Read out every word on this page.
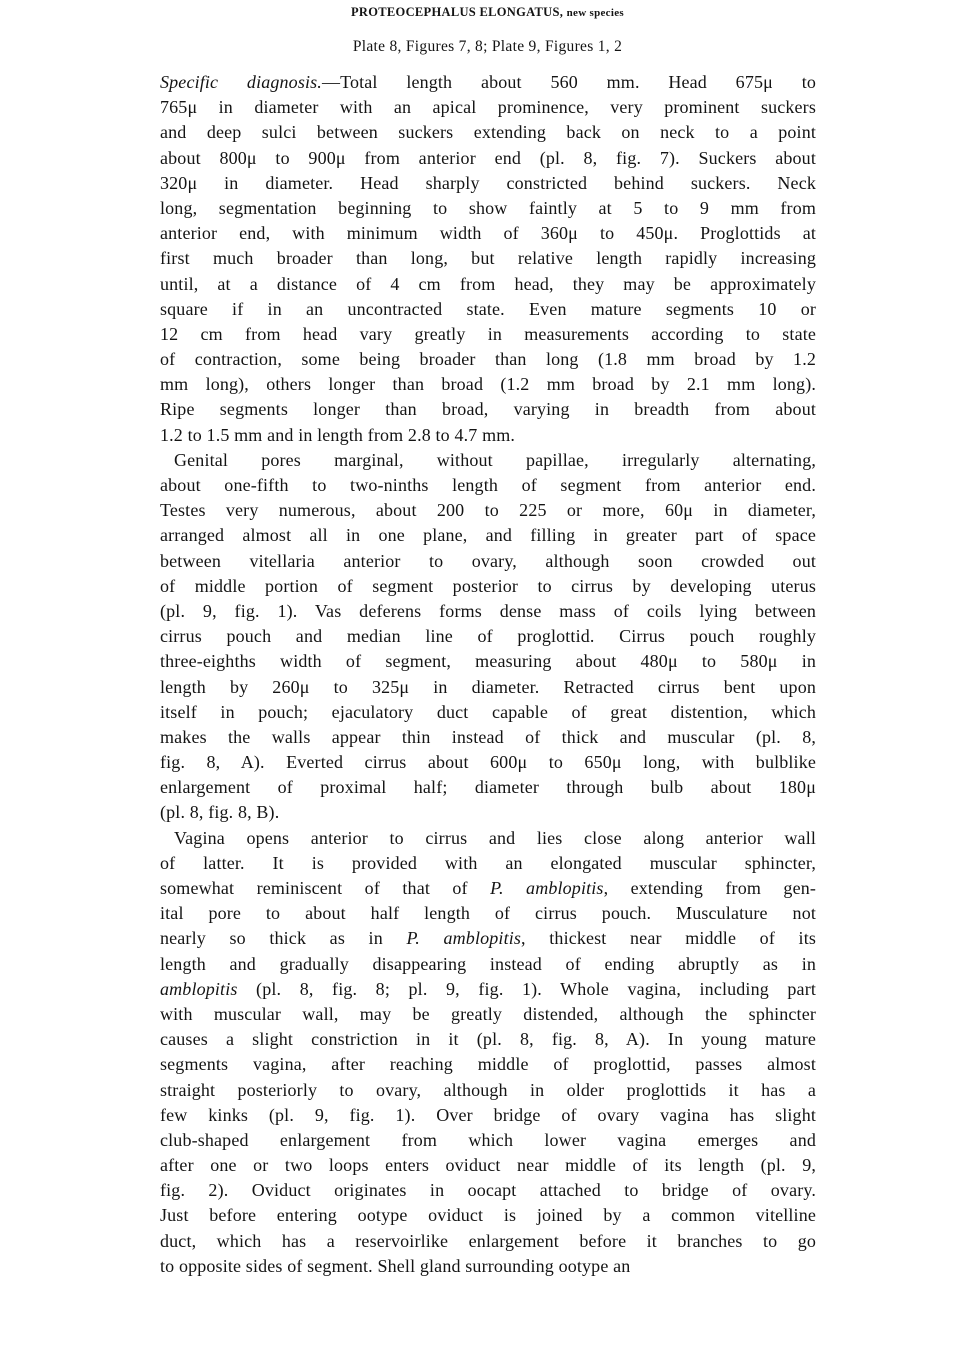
PROTEOCEPHALUS ELONGATUS, new species
Plate 8, Figures 7, 8; Plate 9, Figures 1, 2
Specific diagnosis.—Total length about 560 mm. Head 675μ to
765μ in diameter with an apical prominence, very prominent suckers
and deep sulci between suckers extending back on neck to a point
about 800μ to 900μ from anterior end (pl. 8, fig. 7). Suckers about
320μ in diameter. Head sharply constricted behind suckers. Neck
long, segmentation beginning to show faintly at 5 to 9 mm from
anterior end, with minimum width of 360μ to 450μ. Proglottids at
first much broader than long, but relative length rapidly increasing
until, at a distance of 4 cm from head, they may be approximately
square if in an uncontracted state. Even mature segments 10 or
12 cm from head vary greatly in measurements according to state
of contraction, some being broader than long (1.8 mm broad by 1.2
mm long), others longer than broad (1.2 mm broad by 2.1 mm long).
Ripe segments longer than broad, varying in breadth from about
1.2 to 1.5 mm and in length from 2.8 to 4.7 mm.
Genital pores marginal, without papillae, irregularly alternating,
about one-fifth to two-ninths length of segment from anterior end.
Testes very numerous, about 200 to 225 or more, 60μ in diameter,
arranged almost all in one plane, and filling in greater part of space
between vitellaria anterior to ovary, although soon crowded out
of middle portion of segment posterior to cirrus by developing uterus
(pl. 9, fig. 1). Vas deferens forms dense mass of coils lying between
cirrus pouch and median line of proglottid. Cirrus pouch roughly
three-eighths width of segment, measuring about 480μ to 580μ in
length by 260μ to 325μ in diameter. Retracted cirrus bent upon
itself in pouch; ejaculatory duct capable of great distention, which
makes the walls appear thin instead of thick and muscular (pl. 8,
fig. 8, A). Everted cirrus about 600μ to 650μ long, with bulblike
enlargement of proximal half; diameter through bulb about 180μ
(pl. 8, fig. 8, B).
Vagina opens anterior to cirrus and lies close along anterior wall
of latter. It is provided with an elongated muscular sphincter,
somewhat reminiscent of that of P. amblopitis, extending from gen-
ital pore to about half length of cirrus pouch. Musculature not
nearly so thick as in P. amblopitis, thickest near middle of its
length and gradually disappearing instead of ending abruptly as in
amblopitis (pl. 8, fig. 8; pl. 9, fig. 1). Whole vagina, including part
with muscular wall, may be greatly distended, although the sphincter
causes a slight constriction in it (pl. 8, fig. 8, A). In young mature
segments vagina, after reaching middle of proglottid, passes almost
straight posteriorly to ovary, although in older proglottids it has a
few kinks (pl. 9, fig. 1). Over bridge of ovary vagina has slight
club-shaped enlargement from which lower vagina emerges and
after one or two loops enters oviduct near middle of its length (pl. 9,
fig. 2). Oviduct originates in oocapt attached to bridge of ovary.
Just before entering ootype oviduct is joined by a common vitelline
duct, which has a reservoirlike enlargement before it branches to go
to opposite sides of segment. Shell gland surrounding ootype an
